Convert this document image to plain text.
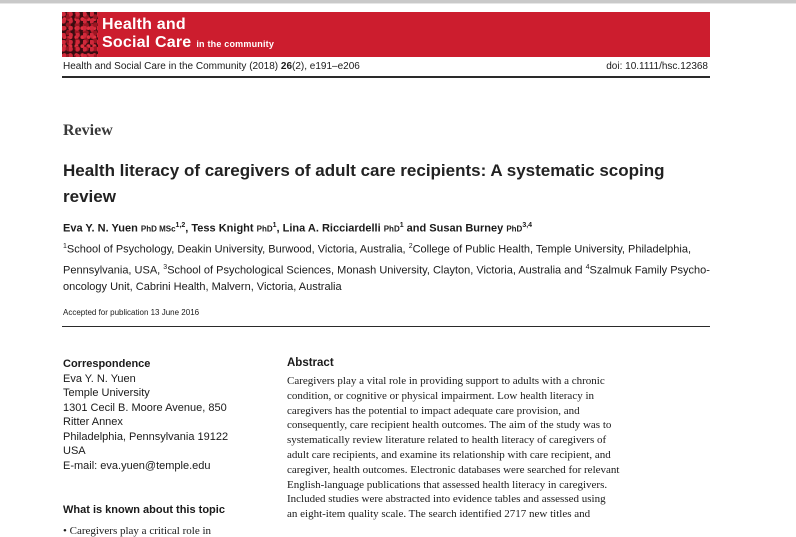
Health and
Social Care in the community
Health and Social Care in the Community (2018) 26(2), e191–e206	doi: 10.1111/hsc.12368
Review
Health literacy of caregivers of adult care recipients: A systematic scoping review
Eva Y. N. Yuen PhD MSc$^{1,2}$, Tess Knight PhD$^1$, Lina A. Ricciardelli PhD$^1$ and Susan Burney PhD$^{3,4}$
$^1$School of Psychology, Deakin University, Burwood, Victoria, Australia, $^2$College of Public Health, Temple University, Philadelphia, Pennsylvania, USA, $^3$School of Psychological Sciences, Monash University, Clayton, Victoria, Australia and $^4$Szalmuk Family Psycho-oncology Unit, Cabrini Health, Malvern, Victoria, Australia
Accepted for publication 13 June 2016
Correspondence
Eva Y. N. Yuen
Temple University
1301 Cecil B. Moore Avenue, 850
Ritter Annex
Philadelphia, Pennsylvania 19122
USA
E-mail: eva.yuen@temple.edu
What is known about this topic
• Caregivers play a critical role in
Abstract
Caregivers play a vital role in providing support to adults with a chronic
condition, or cognitive or physical impairment. Low health literacy in
caregivers has the potential to impact adequate care provision, and
consequently, care recipient health outcomes. The aim of the study was to
systematically review literature related to health literacy of caregivers of
adult care recipients, and examine its relationship with care recipient, and
caregiver, health outcomes. Electronic databases were searched for relevant
English-language publications that assessed health literacy in caregivers.
Included studies were abstracted into evidence tables and assessed using
an eight-item quality scale. The search identified 2717 new titles and
